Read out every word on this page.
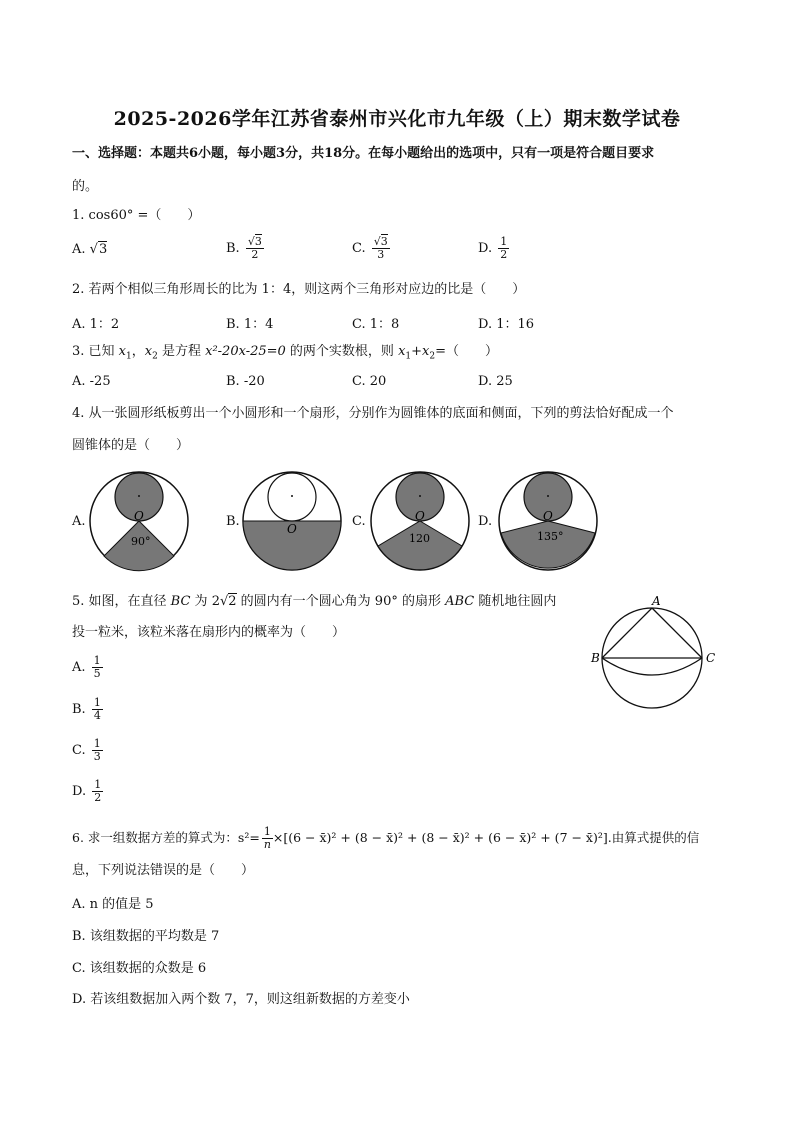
2025-2026学年江苏省泰州市兴化市九年级（上）期末数学试卷
一、选择题：本题共6小题，每小题3分，共18分。在每小题给出的选项中，只有一项是符合题目要求
的。
1. cos60° =（　　）
A. √3	B. $\frac{√3}{2}$	C. $\frac{√3}{3}$	D. $\frac{1}{2}$
2. 若两个相似三角形周长的比为 1：4，则这两个三角形对应边的比是（　　）
A. 1：2	B. 1：4	C. 1：8	D. 1：16
3. 已知 $x_1$，$x_2$ 是方程 x²-20x-25=0 的两个实数根，则 $x_1+x_2=$（　　）
A. -25	B. -20	C. 20	D. 25
4. 从一张圆形纸板剪出一个小圆形和一个扇形，分别作为圆锥体的底面和侧面，下列的剪法恰好配成一个
圆锥体的是（　　）
A.	O
90°
B.	O	C.	O
120
D.	O
135°
5. 如图，在直径 BC 为 2√2 的圆内有一个圆心角为 90° 的扇形 ABC 随机地往圆内
投一粒米，该粒米落在扇形内的概率为（　　）
A
B	C
A. $\frac{1}{5}$
B. $\frac{1}{4}$
C. $\frac{1}{3}$
D. $\frac{1}{2}$
6. 求一组数据方差的算式为：$s^2= \frac{1}{n} \times[(6$ − x̄)² + (8 − x̄)² + (8 − x̄)² + (6 − x̄)² + (7 − x̄)²].由算式提供的信
息，下列说法错误的是（　　）
A. n 的值是 5
B. 该组数据的平均数是 7
C. 该组数据的众数是 6
D. 若该组数据加入两个数 7，7，则这组新数据的方差变小
